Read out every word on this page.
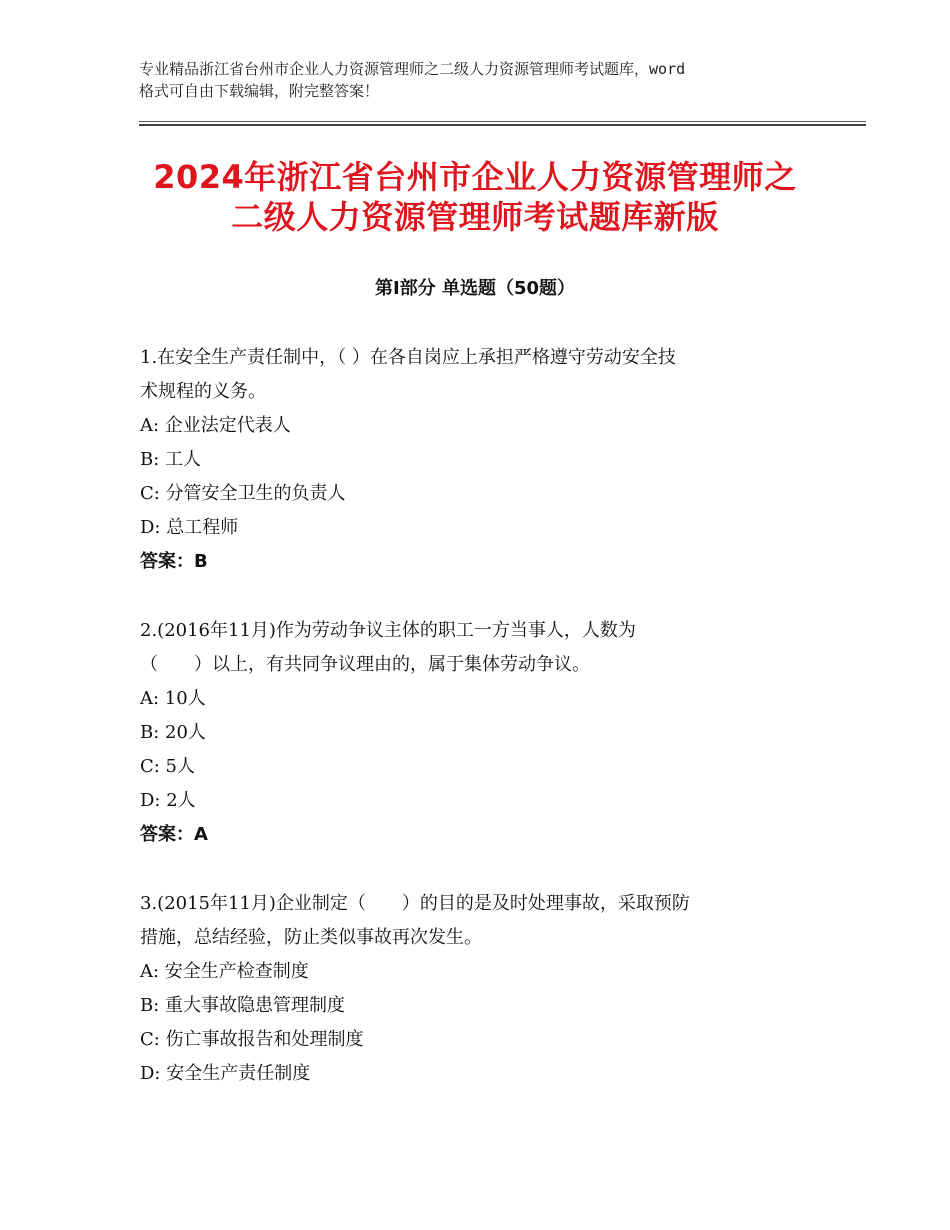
专业精品浙江省台州市企业人力资源管理师之二级人力资源管理师考试题库，word
格式可自由下载编辑，附完整答案！
2024年浙江省台州市企业人力资源管理师之
二级人力资源管理师考试题库新版
第Ⅰ部分 单选题（50题）
1.在安全生产责任制中，（ ）在各自岗应上承担严格遵守劳动安全技
术规程的义务。
A: 企业法定代表人
B: 工人
C: 分管安全卫生的负责人
D: 总工程师
答案：B
2.(2016年11月)作为劳动争议主体的职工一方当事人，人数为
（　　）以上，有共同争议理由的，属于集体劳动争议。
A: 10人
B: 20人
C: 5人
D: 2人
答案：A
3.(2015年11月)企业制定（　　）的目的是及时处理事故，采取预防
措施，总结经验，防止类似事故再次发生。
A: 安全生产检查制度
B: 重大事故隐患管理制度
C: 伤亡事故报告和处理制度
D: 安全生产责任制度
